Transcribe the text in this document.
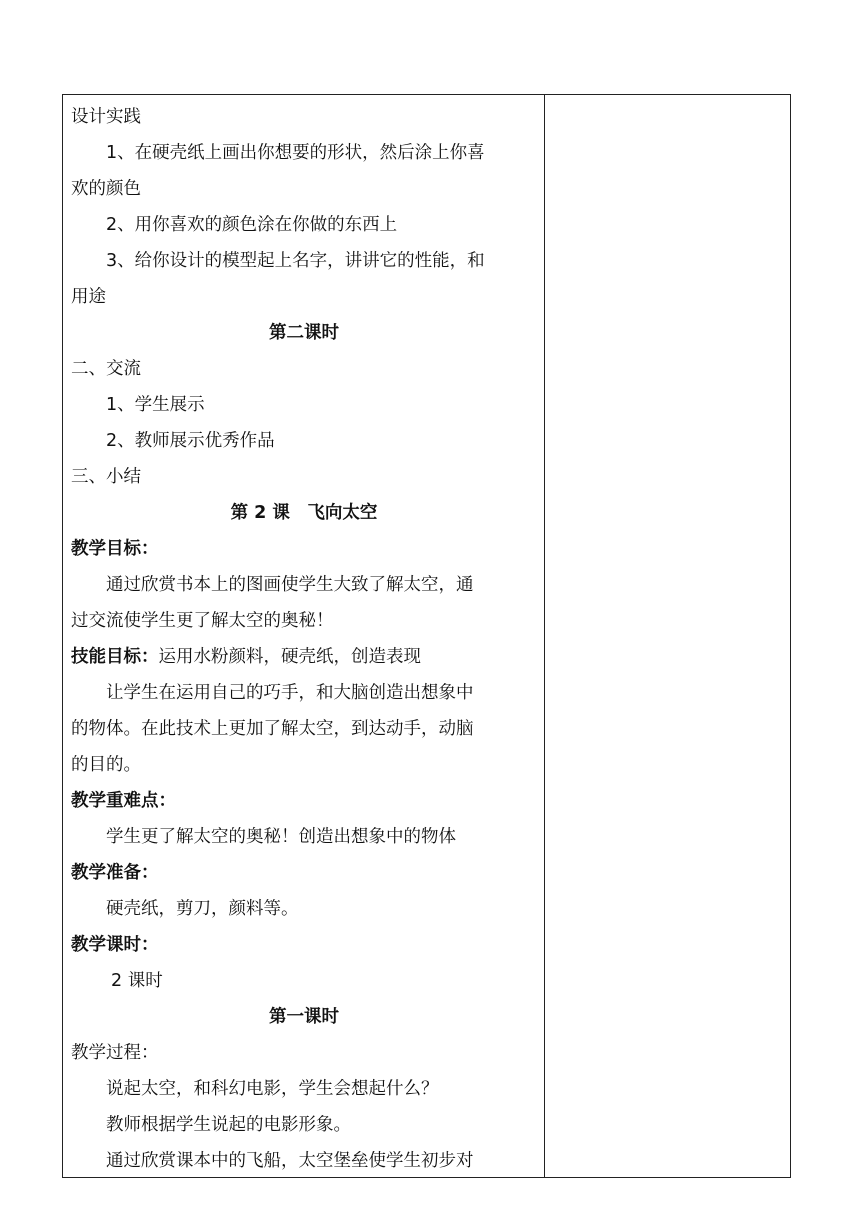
设计实践
1、在硬壳纸上画出你想要的形状，然后涂上你喜
欢的颜色
2、用你喜欢的颜色涂在你做的东西上
3、给你设计的模型起上名字，讲讲它的性能，和
用途
第二课时
二、交流
1、学生展示
2、教师展示优秀作品
三、小结
第 2 课　飞向太空
教学目标：
通过欣赏书本上的图画使学生大致了解太空，通
过交流使学生更了解太空的奥秘！
技能目标：运用水粉颜料，硬壳纸，创造表现
让学生在运用自己的巧手，和大脑创造出想象中
的物体。在此技术上更加了解太空，到达动手，动脑
的目的。
教学重难点：
学生更了解太空的奥秘！创造出想象中的物体
教学准备：
硬壳纸，剪刀，颜料等。
教学课时：
2 课时
第一课时
教学过程：
说起太空，和科幻电影，学生会想起什么？
教师根据学生说起的电影形象。
通过欣赏课本中的飞船，太空堡垒使学生初步对
